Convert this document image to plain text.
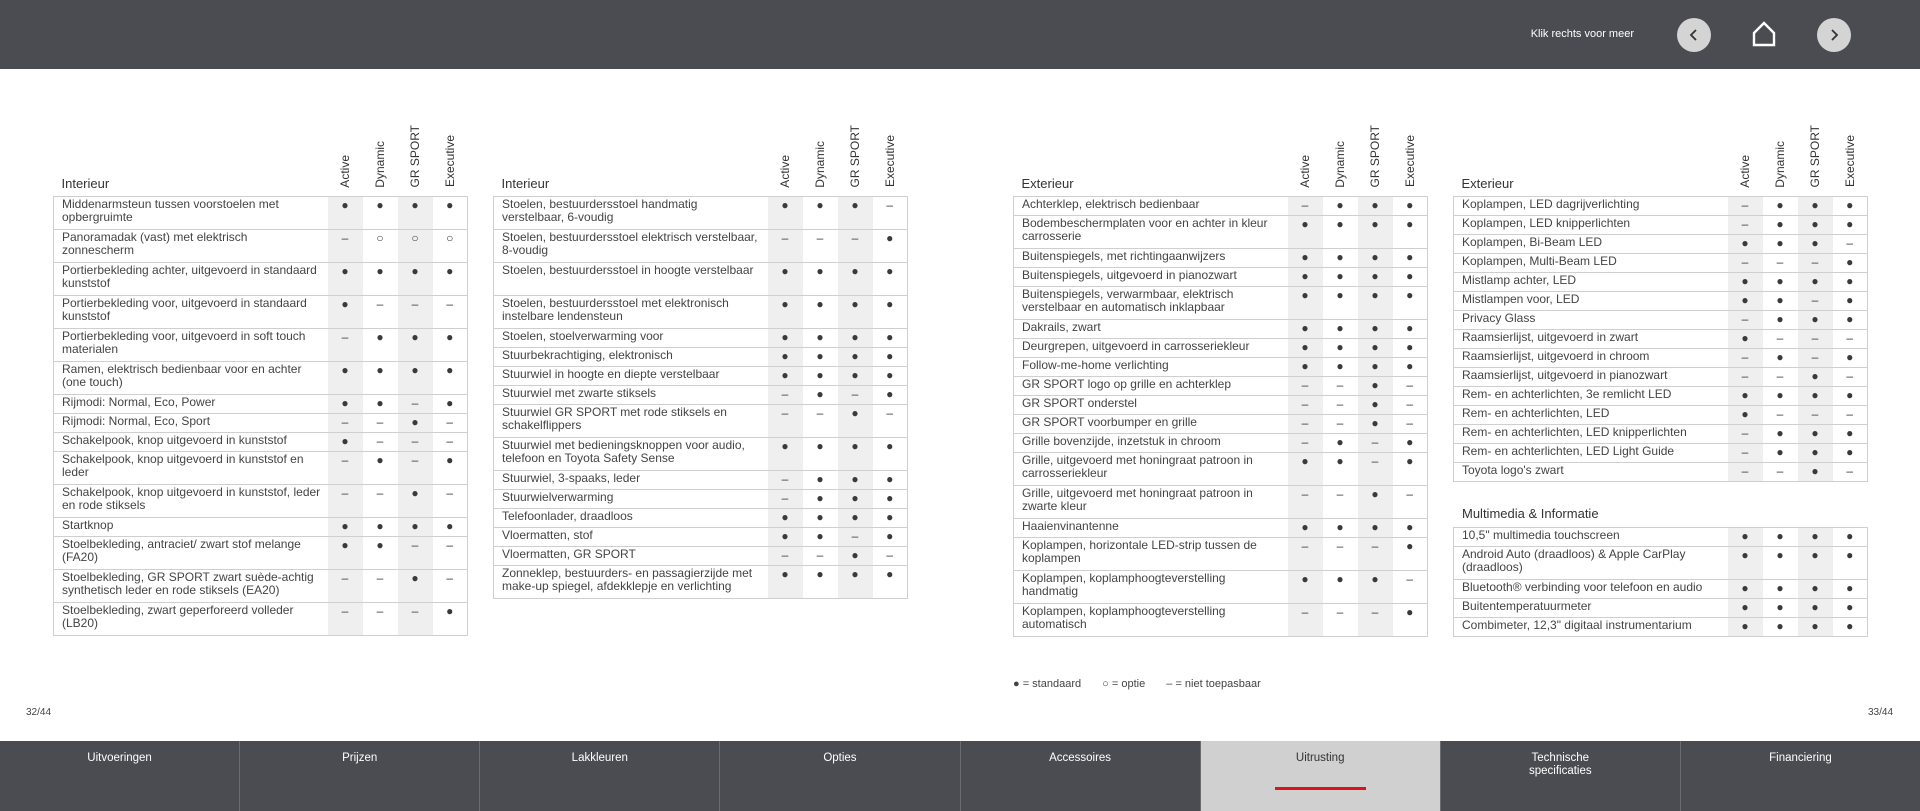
Klik rechts voor meer
Interieur	Active	Dynamic	GR SPORT	Executive
Middenarmsteun tussen voorstoelen met opbergruimte	●	●	●	●
Panoramadak (vast) met elektrisch zonnescherm	–	○	○	○
Portierbekleding achter, uitgevoerd in standaard kunststof	●	●	●	●
Portierbekleding voor, uitgevoerd in standaard kunststof	●	–	–	–
Portierbekleding voor, uitgevoerd in soft touch materialen	–	●	●	●
Ramen, elektrisch bedienbaar voor en achter (one touch)	●	●	●	●
Rijmodi: Normal, Eco, Power	●	●	–	●
Rijmodi: Normal, Eco, Sport	–	–	●	–
Schakelpook, knop uitgevoerd in kunststof	●	–	–	–
Schakelpook, knop uitgevoerd in kunststof en leder	–	●	–	●
Schakelpook, knop uitgevoerd in kunststof, leder en rode stiksels	–	–	●	–
Startknop	●	●	●	●
Stoelbekleding, antraciet/ zwart stof melange (FA20)	●	●	–	–
Stoelbekleding, GR SPORT zwart suède-achtig synthetisch leder en rode stiksels (EA20)	–	–	●	–
Stoelbekleding, zwart geperforeerd volleder (LB20)	–	–	–	●
Interieur	Active	Dynamic	GR SPORT	Executive
Stoelen, bestuurdersstoel handmatig verstelbaar, 6-voudig	●	●	●	–
Stoelen, bestuurdersstoel elektrisch verstelbaar, 8-voudig	–	–	–	●
Stoelen, bestuurdersstoel in hoogte verstelbaar	●	●	●	●
Stoelen, bestuurdersstoel met elektronisch instelbare lendensteun	●	●	●	●
Stoelen, stoelverwarming voor	●	●	●	●
Stuurbekrachtiging, elektronisch	●	●	●	●
Stuurwiel in hoogte en diepte verstelbaar	●	●	●	●
Stuurwiel met zwarte stiksels	–	●	–	●
Stuurwiel GR SPORT met rode stiksels en schakelflippers	–	–	●	–
Stuurwiel met bedieningsknoppen voor audio, telefoon en Toyota Safety Sense	●	●	●	●
Stuurwiel, 3-spaaks, leder	–	●	●	●
Stuurwielverwarming	–	●	●	●
Telefoonlader, draadloos	●	●	●	●
Vloermatten, stof	●	●	–	●
Vloermatten, GR SPORT	–	–	●	–
Zonneklep, bestuurders- en passagierzijde met make-up spiegel, afdekklepje en verlichting	●	●	●	●
Exterieur	Active	Dynamic	GR SPORT	Executive
Achterklep, elektrisch bedienbaar	–	●	●	●
Bodembeschermplaten voor en achter in kleur carrosserie	●	●	●	●
Buitenspiegels, met richtingaanwijzers	●	●	●	●
Buitenspiegels, uitgevoerd in pianozwart	●	●	●	●
Buitenspiegels, verwarmbaar, elektrisch verstelbaar en automatisch inklapbaar	●	●	●	●
Dakrails, zwart	●	●	●	●
Deurgrepen, uitgevoerd in carrosseriekleur	●	●	●	●
Follow-me-home verlichting	●	●	●	●
GR SPORT logo op grille en achterklep	–	–	●	–
GR SPORT onderstel	–	–	●	–
GR SPORT voorbumper en grille	–	–	●	–
Grille bovenzijde, inzetstuk in chroom	–	●	–	●
Grille, uitgevoerd met honingraat patroon in carrosseriekleur	●	●	–	●
Grille, uitgevoerd met honingraat patroon in zwarte kleur	–	–	●	–
Haaienvinantenne	●	●	●	●
Koplampen, horizontale LED-strip tussen de koplampen	–	–	–	●
Koplampen, koplamphoogteverstelling handmatig	●	●	●	–
Koplampen, koplamphoogteverstelling automatisch	–	–	–	●
Exterieur	Active	Dynamic	GR SPORT	Executive
Koplampen, LED dagrijverlichting	–	●	●	●
Koplampen, LED knipperlichten	–	●	●	●
Koplampen, Bi-Beam LED	●	●	●	–
Koplampen, Multi-Beam LED	–	–	–	●
Mistlamp achter, LED	●	●	●	●
Mistlampen voor, LED	●	●	–	●
Privacy Glass	–	●	●	●
Raamsierlijst, uitgevoerd in zwart	●	–	–	–
Raamsierlijst, uitgevoerd in chroom	–	●	–	●
Raamsierlijst, uitgevoerd in pianozwart	–	–	●	–
Rem- en achterlichten, 3e remlicht LED	●	●	●	●
Rem- en achterlichten, LED	●	–	–	–
Rem- en achterlichten, LED knipperlichten	–	●	●	●
Rem- en achterlichten, LED Light Guide	–	●	●	●
Toyota logo's zwart	–	–	●	–
Multimedia & Informatie
10,5" multimedia touchscreen	●	●	●	●
Android Auto (draadloos) & Apple CarPlay (draadloos)	●	●	●	●
Bluetooth® verbinding voor telefoon en audio	●	●	●	●
Buitentemperatuurmeter	●	●	●	●
Combimeter, 12,3" digitaal instrumentarium	●	●	●	●
● = standaard ○ = optie – = niet toepasbaar
32/44	33/44
Uitvoeringen	Prijzen	Lakkleuren	Opties	Accessoires	Uitrusting	Technische specificaties
Financiering
